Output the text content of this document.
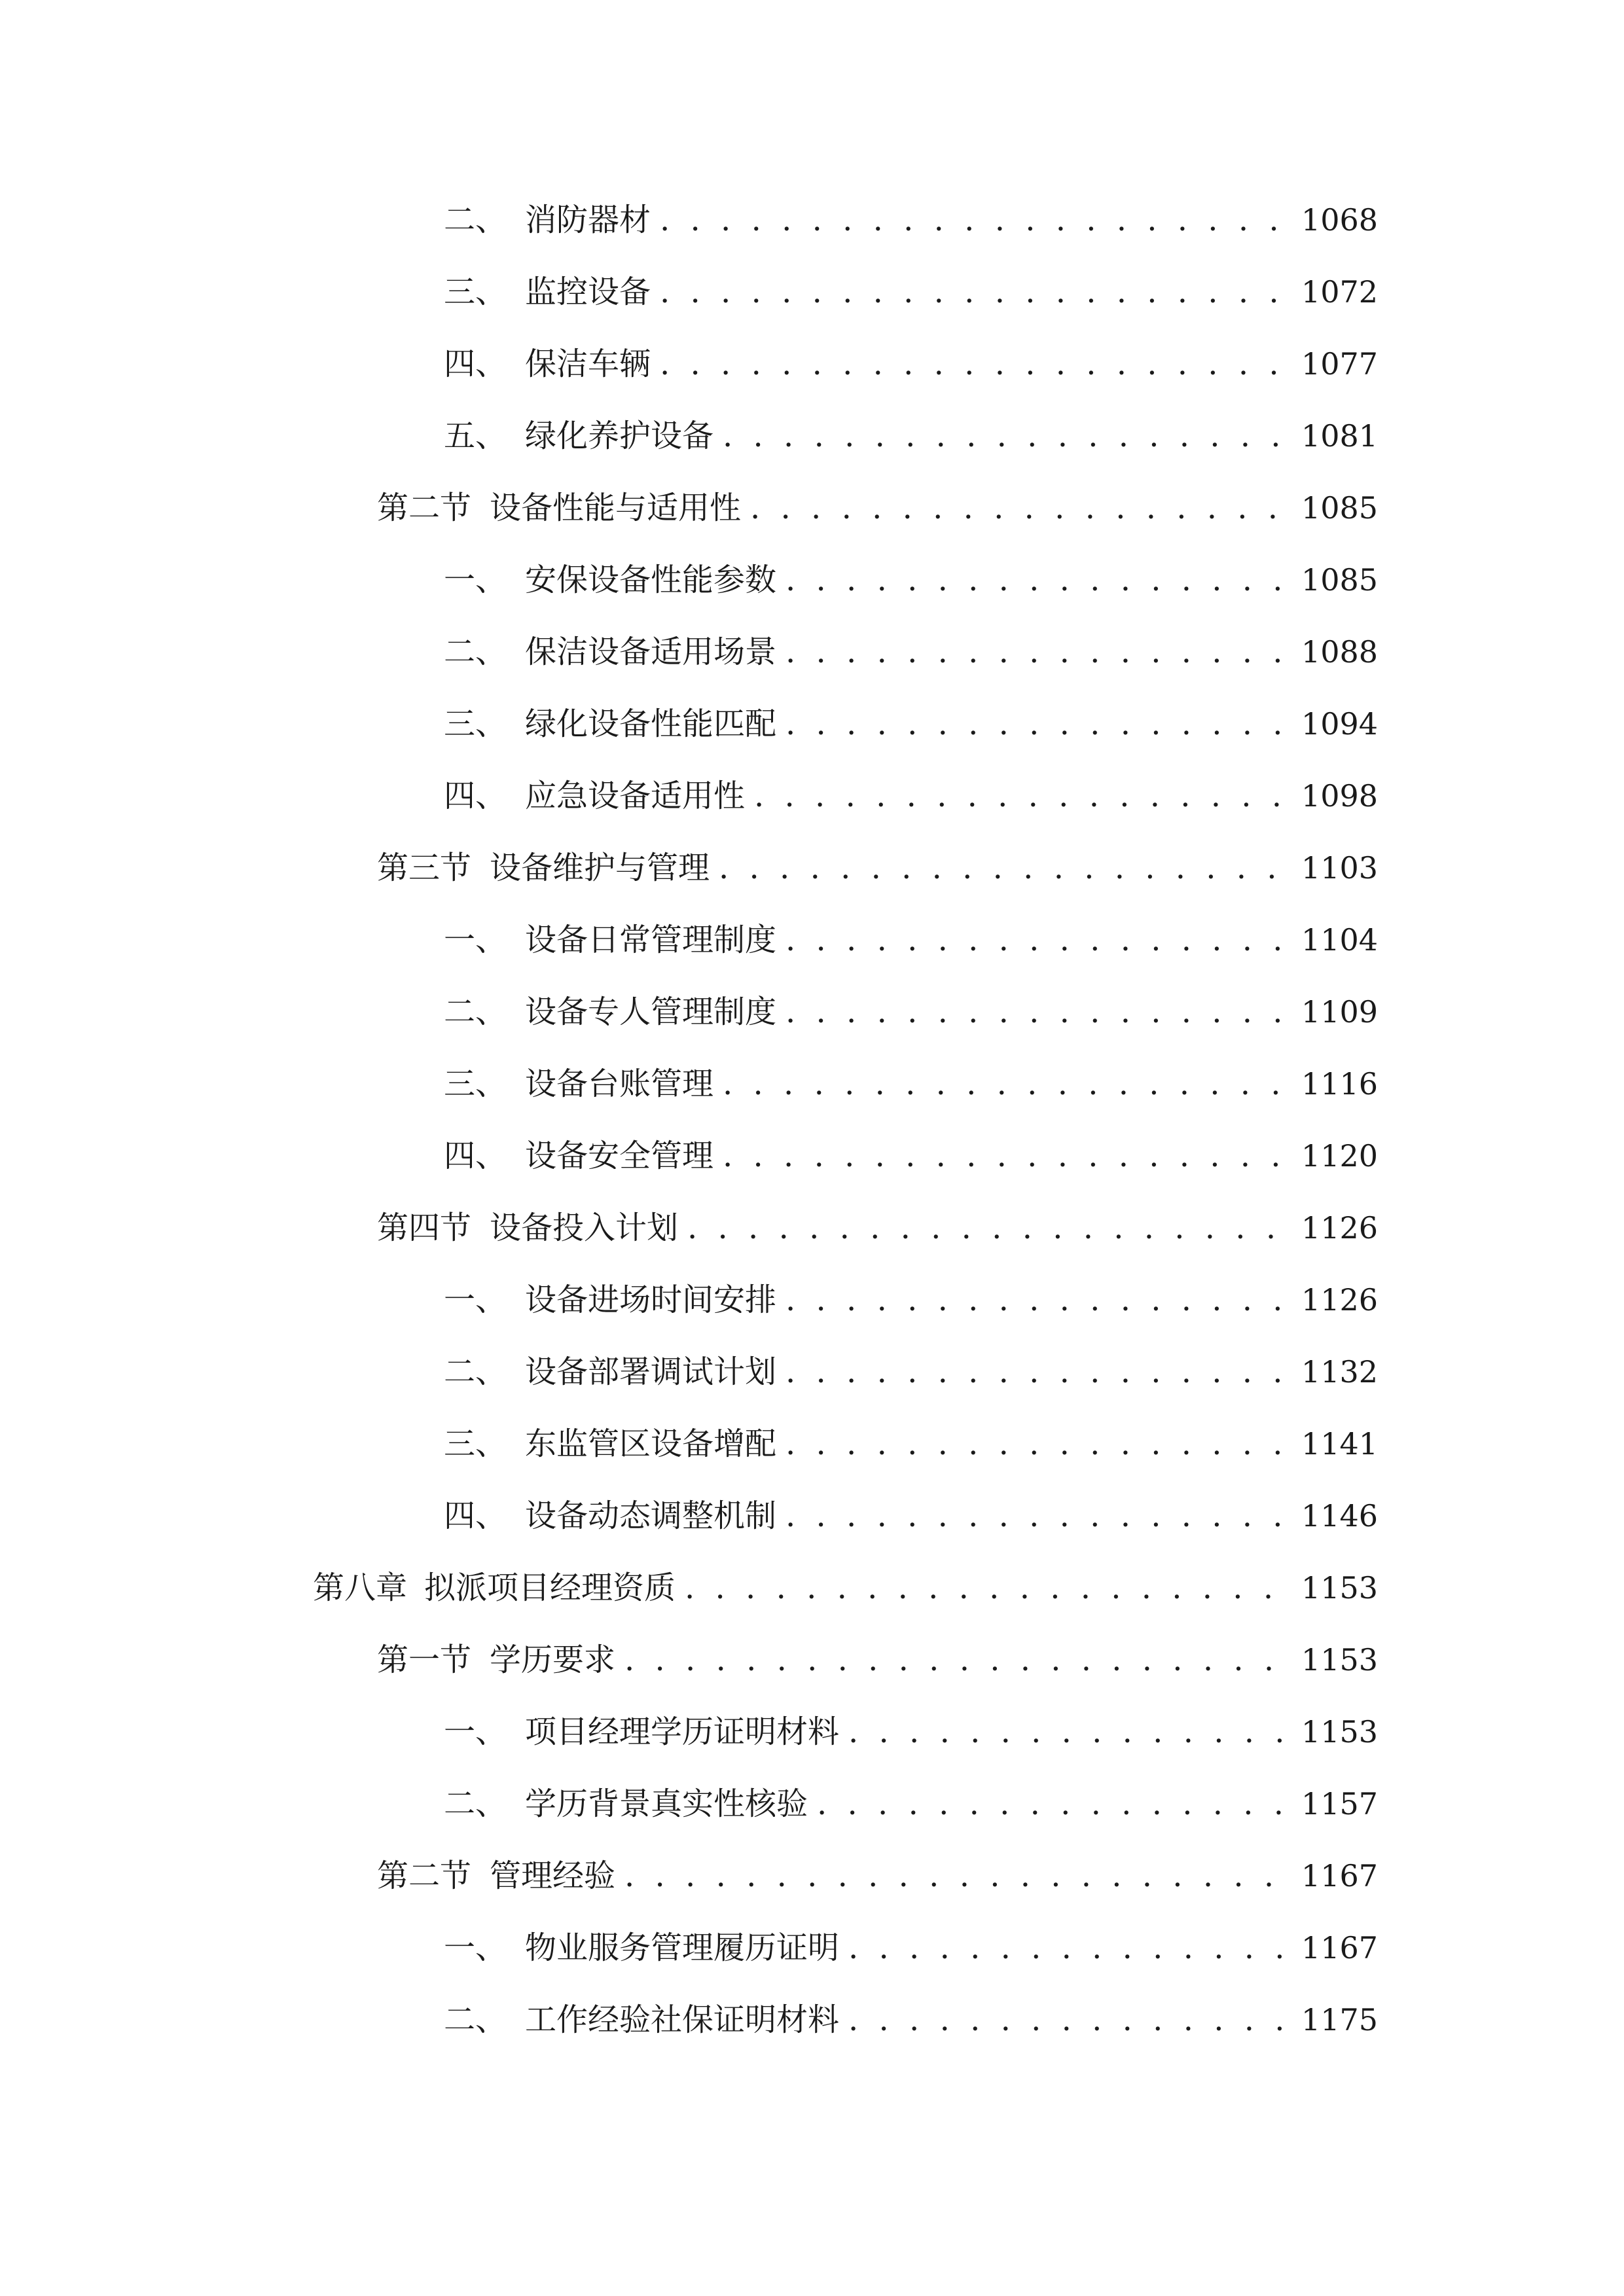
二、 消防器材 . . .	1068
三、 监控设备 . . .	1072
四、 保洁车辆 . . .	1077
五、 绿化养护设备 . . .	1081
第二节 设备性能与适用性 . . .	1085
一、 安保设备性能参数 . . .	1085
二、 保洁设备适用场景 . . .	1088
三、 绿化设备性能匹配 . . .	1094
四、 应急设备适用性 . . .	1098
第三节 设备维护与管理 . . .	1103
一、 设备日常管理制度 . . .	1104
二、 设备专人管理制度 . . .	1109
三、 设备台账管理 . . .	1116
四、 设备安全管理 . . .	1120
第四节 设备投入计划 . . .	1126
一、 设备进场时间安排 . . .	1126
二、 设备部署调试计划 . . .	1132
三、 东监管区设备增配 . . .	1141
四、 设备动态调整机制 . . .	1146
第八章 拟派项目经理资质 . . .	1153
第一节 学历要求 . . .	1153
一、 项目经理学历证明材料 . . .	1153
二、 学历背景真实性核验 . . .	1157
第二节 管理经验 . . .	1167
一、 物业服务管理履历证明 . . .	1167
二、 工作经验社保证明材料 . . .	1175
